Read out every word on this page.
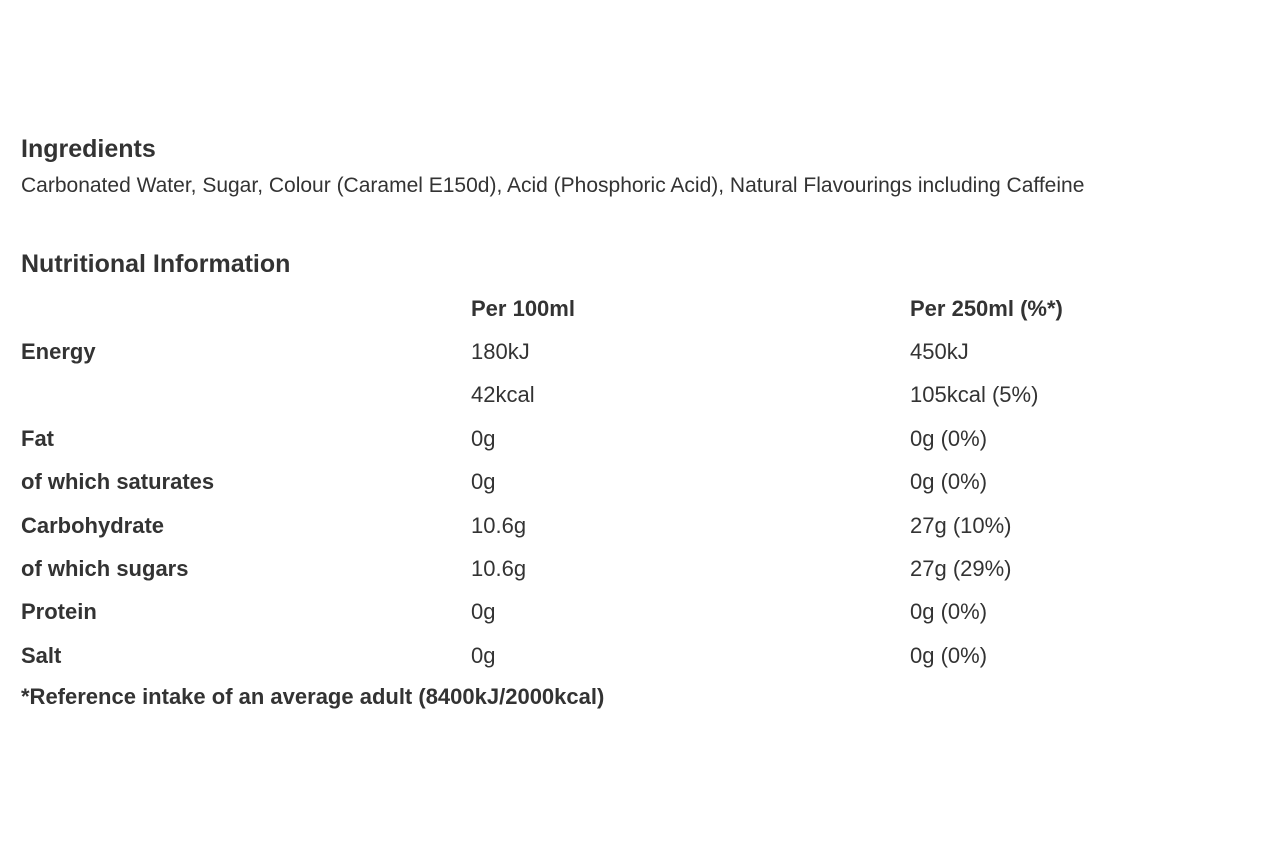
Ingredients

Carbonated Water, Sugar, Colour (Caramel E150d), Acid (Phosphoric Acid), Natural Flavourings including Caffeine

Nutritional Information
	Per 100ml	Per 250ml (%*)
Energy	180kJ	450kJ
	42kcal	105kcal (5%)
Fat	0g	0g (0%)
of which saturates	0g	0g (0%)
Carbohydrate	10.6g	27g (10%)
of which sugars	10.6g	27g (29%)
Protein	0g	0g (0%)
Salt	0g	0g (0%)

*Reference intake of an average adult (8400kJ/2000kcal)
